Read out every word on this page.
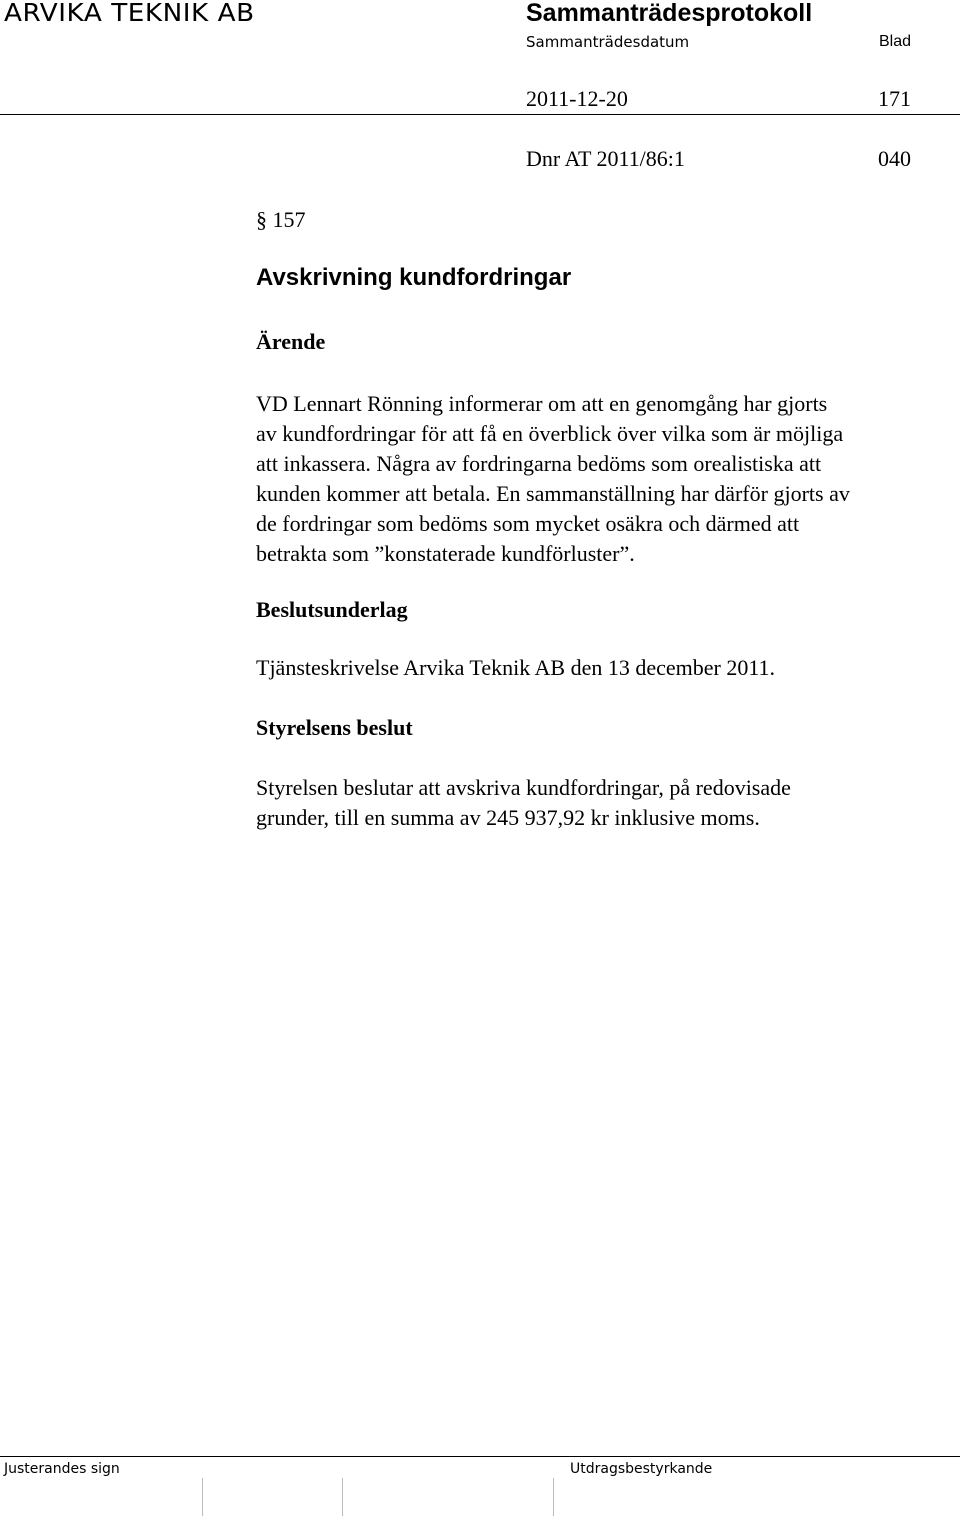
ARVIKA TEKNIK AB	Sammanträdesprotokoll
Sammanträdesdatum	Blad
2011-12-20	171
Dnr AT 2011/86:1	040
§ 157
Avskrivning kundfordringar
Ärende
VD Lennart Rönning informerar om att en genomgång har gjorts
av kundfordringar för att få en överblick över vilka som är möjliga
att inkassera. Några av fordringarna bedöms som orealistiska att
kunden kommer att betala. En sammanställning har därför gjorts av
de fordringar som bedöms som mycket osäkra och därmed att
betrakta som ”konstaterade kundförluster”.
Beslutsunderlag
Tjänsteskrivelse Arvika Teknik AB den 13 december 2011.
Styrelsens beslut
Styrelsen beslutar att avskriva kundfordringar, på redovisade
grunder, till en summa av 245 937,92 kr inklusive moms.
Justerandes sign	Utdragsbestyrkande
